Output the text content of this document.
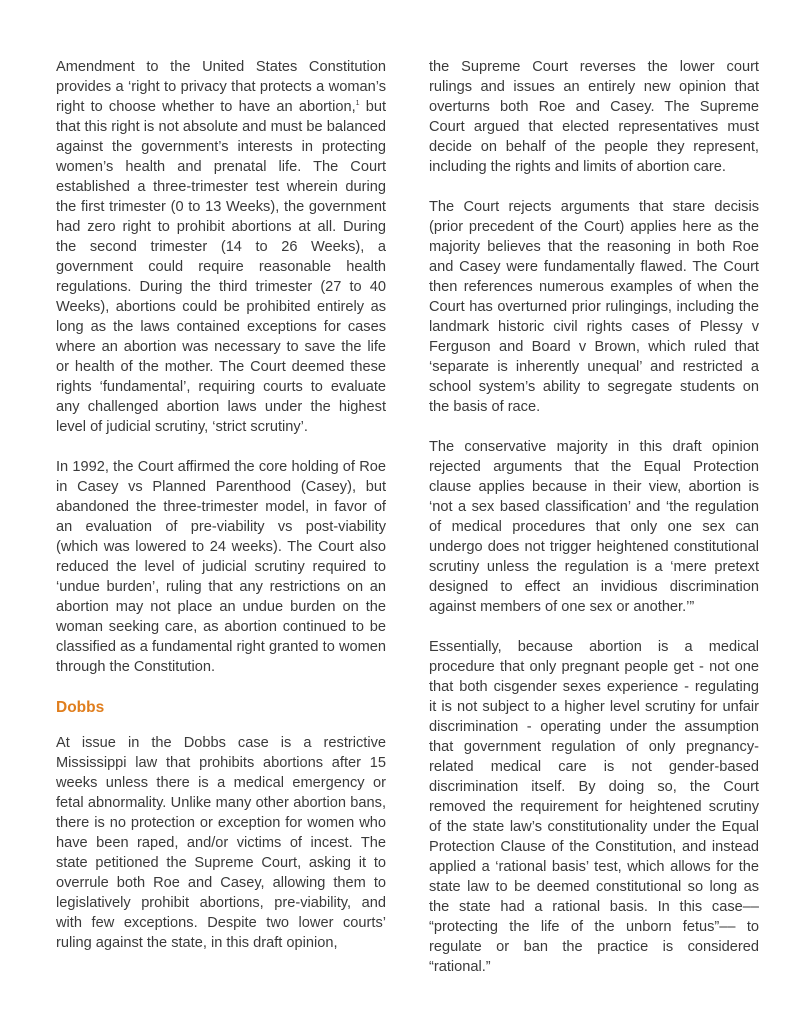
Amendment to the United States Constitution provides a ‘right to privacy that protects a woman’s right to choose whether to have an abortion,$^1$ but that this right is not absolute and must be balanced against the government’s interests in protecting women’s health and prenatal life. The Court established a three-trimester test wherein during the first trimester (0 to 13 Weeks), the government had zero right to prohibit abortions at all. During the second trimester (14 to 26 Weeks), a government could require reasonable health regulations. During the third trimester (27 to 40 Weeks), abortions could be prohibited entirely as long as the laws contained exceptions for cases where an abortion was necessary to save the life or health of the mother. The Court deemed these rights ‘fundamental’, requiring courts to evaluate any challenged abortion laws under the highest level of judicial scrutiny, ‘strict scrutiny’.

In 1992, the Court affirmed the core holding of Roe in Casey vs Planned Parenthood (Casey), but abandoned the three-trimester model, in favor of an evaluation of pre-viability vs post-viability (which was lowered to 24 weeks). The Court also reduced the level of judicial scrutiny required to ‘undue burden’, ruling that any restrictions on an abortion may not place an undue burden on the woman seeking care, as abortion continued to be classified as a fundamental right granted to women through the Constitution.

Dobbs

At issue in the Dobbs case is a restrictive Mississippi law that prohibits abortions after 15 weeks unless there is a medical emergency or fetal abnormality. Unlike many other abortion bans, there is no protection or exception for women who have been raped, and/or victims of incest. The state petitioned the Supreme Court, asking it to overrule both Roe and Casey, allowing them to legislatively prohibit abortions, pre-viability, and with few exceptions. Despite two lower courts’ ruling against the state, in this draft opinion,

the Supreme Court reverses the lower court rulings and issues an entirely new opinion that overturns both Roe and Casey. The Supreme Court argued that elected representatives must decide on behalf of the people they represent, including the rights and limits of abortion care.

The Court rejects arguments that stare decisis (prior precedent of the Court) applies here as the majority believes that the reasoning in both Roe and Casey were fundamentally flawed. The Court then references numerous examples of when the Court has overturned prior rulingings, including the landmark historic civil rights cases of Plessy v Ferguson and Board v Brown, which ruled that ‘separate is inherently unequal’ and restricted a school system’s ability to segregate students on the basis of race.

The conservative majority in this draft opinion rejected arguments that the Equal Protection clause applies because in their view, abortion is ‘not a sex based classification’ and ‘the regulation of medical procedures that only one sex can undergo does not trigger heightened constitutional scrutiny unless the regulation is a ‘mere pretext designed to effect an invidious discrimination against members of one sex or another.’”

Essentially, because abortion is a medical procedure that only pregnant people get - not one that both cisgender sexes experience - regulating it is not subject to a higher level scrutiny for unfair discrimination - operating under the assumption that government regulation of only pregnancy-related medical care is not gender-based discrimination itself. By doing so, the Court removed the requirement for heightened scrutiny of the state law’s constitutionality under the Equal Protection Clause of the Constitution, and instead applied a ‘rational basis’ test, which allows for the state law to be deemed constitutional so long as the state had a rational basis. In this case–– “protecting the life of the unborn fetus”–– to regulate or ban the practice is considered “rational.”
